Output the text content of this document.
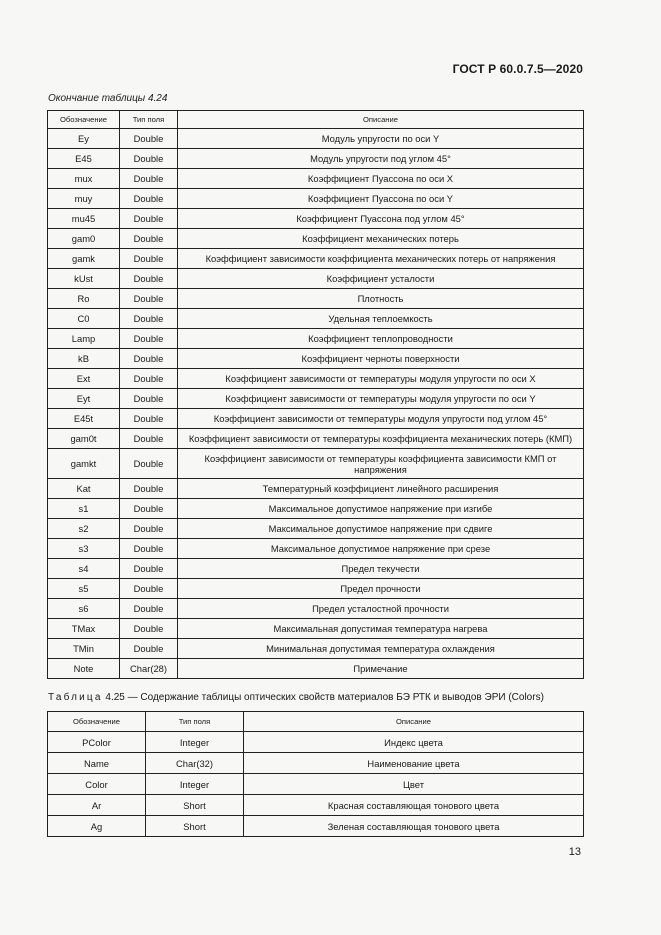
ГОСТ Р 60.0.7.5—2020
Окончание таблицы 4.24
Обозначение	Тип поля	Описание
Ey	Double	Модуль упругости по оси Y
E45	Double	Модуль упругости под углом 45°
mux	Double	Коэффициент Пуассона по оси X
muy	Double	Коэффициент Пуассона по оси Y
mu45	Double	Коэффициент Пуассона под углом 45°
gam0	Double	Коэффициент механических потерь
gamk	Double	Коэффициент зависимости коэффициента механических потерь от напряжения
kUst	Double	Коэффициент усталости
Ro	Double	Плотность
C0	Double	Удельная теплоемкость
Lamp	Double	Коэффициент теплопроводности
kB	Double	Коэффициент черноты поверхности
Ext	Double	Коэффициент зависимости от температуры модуля упругости по оси X
Eyt	Double	Коэффициент зависимости от температуры модуля упругости по оси Y
E45t	Double	Коэффициент зависимости от температуры модуля упругости под углом 45°
gam0t	Double	Коэффициент зависимости от температуры коэффициента механических потерь (КМП)
gamkt	Double	Коэффициент зависимости от температуры коэффициента зависимости КМП от напряжения
Kat	Double	Температурный коэффициент линейного расширения
s1	Double	Максимальное допустимое напряжение при изгибе
s2	Double	Максимальное допустимое напряжение при сдвиге
s3	Double	Максимальное допустимое напряжение при срезе
s4	Double	Предел текучести
s5	Double	Предел прочности
s6	Double	Предел усталостной прочности
TMax	Double	Максимальная допустимая температура нагрева
TMin	Double	Минимальная допустимая температура охлаждения
Note	Char(28)	Примечание
Таблица 4.25 — Содержание таблицы оптических свойств материалов БЭ РТК и выводов ЭРИ (Colors)
Обозначение	Тип поля	Описание
PColor	Integer	Индекс цвета
Name	Char(32)	Наименование цвета
Color	Integer	Цвет
Ar	Short	Красная составляющая тонового цвета
Ag	Short	Зеленая составляющая тонового цвета
13
